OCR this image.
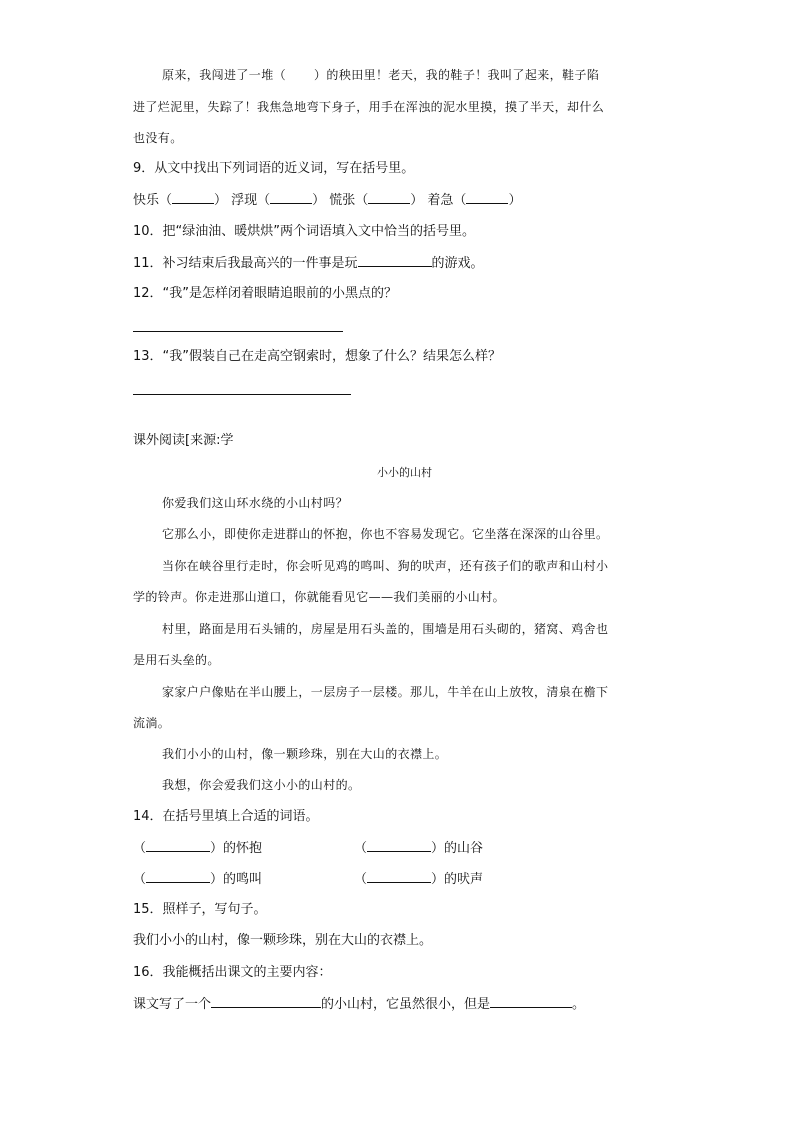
原来，我闯进了一堆（ ）的秧田里！老天，我的鞋子！我叫了起来，鞋子陷
进了烂泥里，失踪了！我焦急地弯下身子，用手在浑浊的泥水里摸，摸了半天，却什么
也没有。
9．从文中找出下列词语的近义词，写在括号里。
快乐（	） 浮现（	） 慌张（	） 着急（	）
10．把“绿油油、暖烘烘”两个词语填入文中恰当的括号里。
11．补习结束后我最高兴的一件事是玩	的游戏。
12．“我”是怎样闭着眼睛追眼前的小黑点的？
13．“我”假装自己在走高空钢索时，想象了什么？结果怎么样？
课外阅读[来源:学
小小的山村
你爱我们这山环水绕的小山村吗？
它那么小，即使你走进群山的怀抱，你也不容易发现它。它坐落在深深的山谷里。
当你在峡谷里行走时，你会听见鸡的鸣叫、狗的吠声，还有孩子们的歌声和山村小
学的铃声。你走进那山道口，你就能看见它——我们美丽的小山村。
村里，路面是用石头铺的，房屋是用石头盖的，围墙是用石头砌的，猪窝、鸡舍也
是用石头垒的。
家家户户像贴在半山腰上，一层房子一层楼。那儿，牛羊在山上放牧，清泉在檐下
流淌。
我们小小的山村，像一颗珍珠，别在大山的衣襟上。
我想，你会爱我们这小小的山村的。
14．在括号里填上合适的词语。
（	）的怀抱	（	）的山谷
（	）的鸣叫	（	）的吠声
15．照样子，写句子。
我们小小的山村，像一颗珍珠，别在大山的衣襟上。
16．我能概括出课文的主要内容：
课文写了一个	的小山村，它虽然很小，但是	。
